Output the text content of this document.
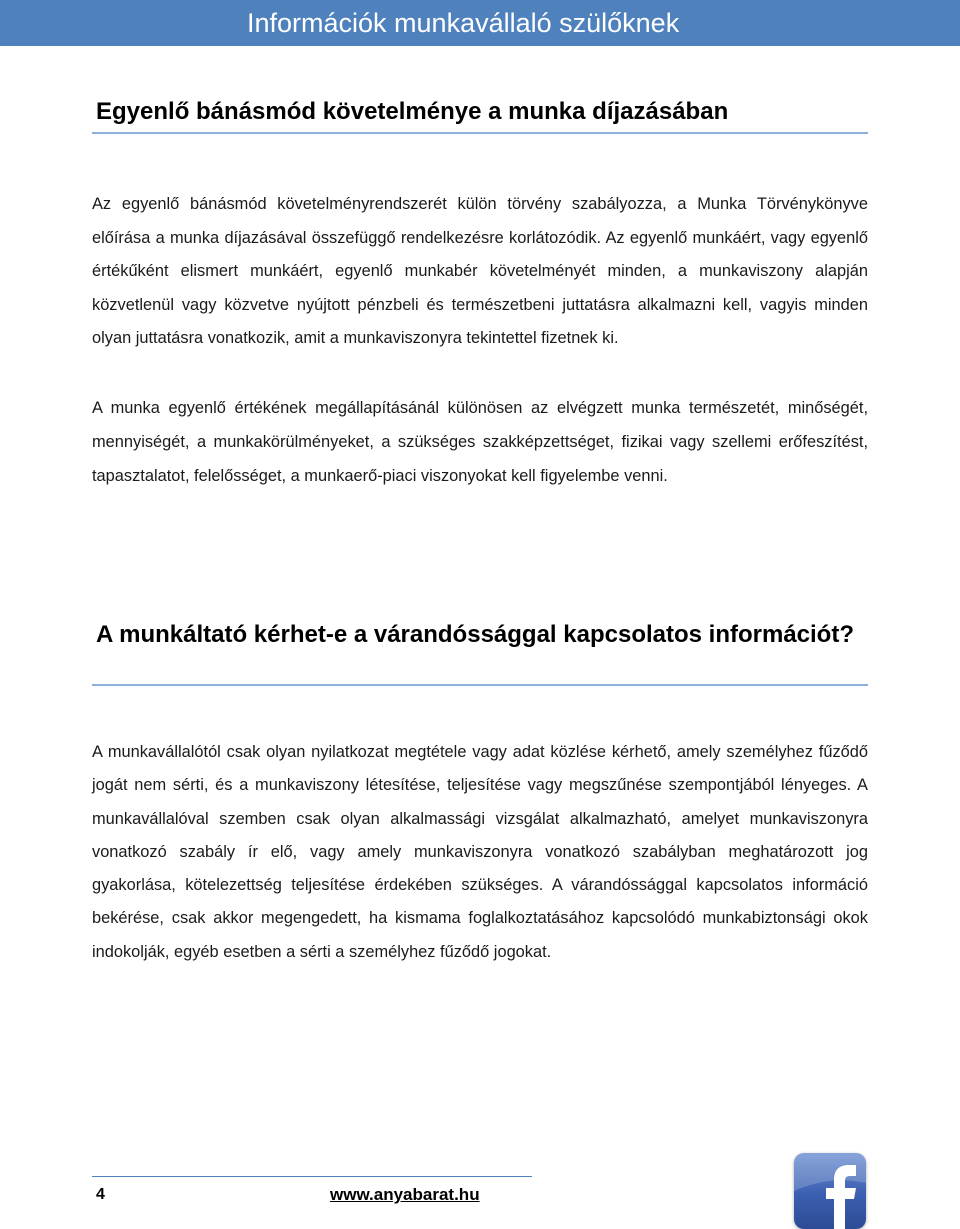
Információk munkavállaló szülőknek
Egyenlő bánásmód követelménye a munka díjazásában

Az egyenlő bánásmód követelményrendszerét külön törvény szabályozza, a Munka Törvénykönyve előírása a munka díjazásával összefüggő rendelkezésre korlátozódik. Az egyenlő munkáért, vagy egyenlő értékűként elismert munkáért, egyenlő munkabér követelményét minden, a munkaviszony alapján közvetlenül vagy közvetve nyújtott pénzbeli és természetbeni juttatásra alkalmazni kell, vagyis minden olyan juttatásra vonatkozik, amit a munkaviszonyra tekintettel fizetnek ki.

A munka egyenlő értékének megállapításánál különösen az elvégzett munka természetét, minőségét, mennyiségét, a munkakörülményeket, a szükséges szakképzettséget, fizikai vagy szellemi erőfeszítést, tapasztalatot, felelősséget, a munkaerő-piaci viszonyokat kell figyelembe venni.

A munkáltató kérhet-e a várandóssággal kapcsolatos információt?

A munkavállalótól csak olyan nyilatkozat megtétele vagy adat közlése kérhető, amely személyhez fűződő jogát nem sérti, és a munkaviszony létesítése, teljesítése vagy megszűnése szempontjából lényeges. A munkavállalóval szemben csak olyan alkalmassági vizsgálat alkalmazható, amelyet munkaviszonyra vonatkozó szabály ír elő, vagy amely munkaviszonyra vonatkozó szabályban meghatározott jog gyakorlása, kötelezettség teljesítése érdekében szükséges. A várandóssággal kapcsolatos információ bekérése, csak akkor megengedett, ha kismama foglalkoztatásához kapcsolódó munkabiztonsági okok indokolják, egyéb esetben a sérti a személyhez fűződő jogokat.

4	www.anyabarat.hu
